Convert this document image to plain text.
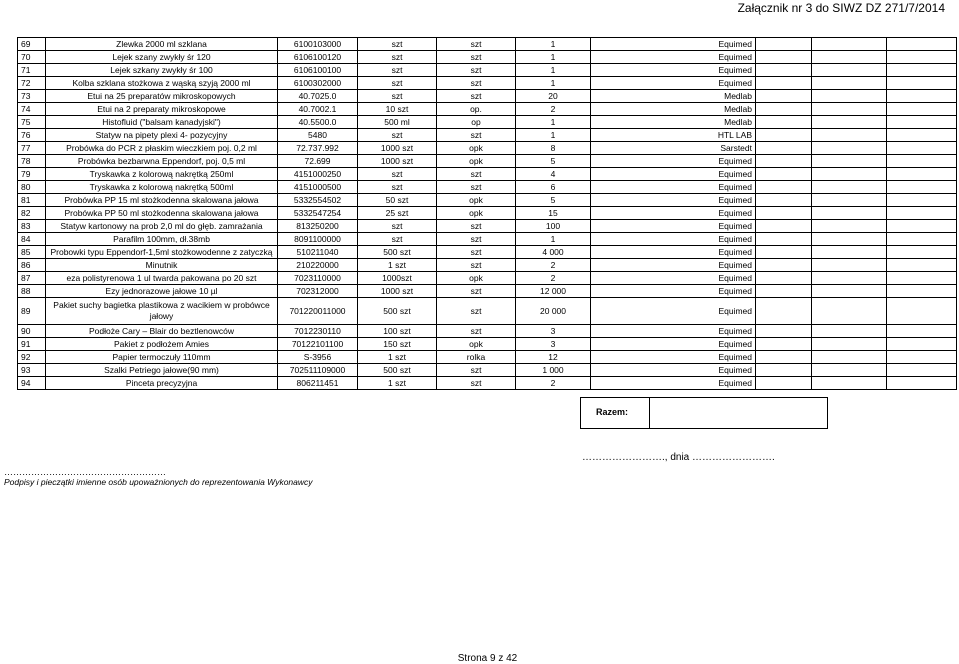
Załącznik nr 3 do SIWZ DZ 271/7/2014
69	Zlewka 2000 ml szklana	6100103000	szt	szt	1	Equimed			
70	Lejek szany zwykły śr 120	6106100120	szt	szt	1	Equimed			
71	Lejek szkany zwykły śr 100	6106100100	szt	szt	1	Equimed			
72	Kolba szklana stożkowa z wąską szyją 2000 ml	6100302000	szt	szt	1	Equimed			
73	Etui na 25 preparatów mikroskopowych	40.7025.0	szt	szt	20	Medlab			
74	Etui na 2 preparaty mikroskopowe	40.7002.1	10 szt	op.	2	Medlab			
75	Histofluid ("balsam kanadyjski")	40.5500.0	500 ml	op	1	Medlab			
76	Statyw na pipety plexi 4- pozycyjny	5480	szt	szt	1	HTL LAB			
77	Probówka do PCR z płaskim wieczkiem poj. 0,2 ml	72.737.992	1000 szt	opk	8	Sarstedt			
78	Probówka bezbarwna Eppendorf, poj. 0,5 ml	72.699	1000 szt	opk	5	Equimed			
79	Tryskawka z kolorową nakrętką 250ml	4151000250	szt	szt	4	Equimed			
80	Tryskawka z kolorową nakrętką 500ml	4151000500	szt	szt	6	Equimed			
81	Probówka PP 15 ml stożkodenna skalowana jałowa	5332554502	50 szt	opk	5	Equimed			
82	Probówka PP 50 ml stożkodenna skalowana jałowa	5332547254	25 szt	opk	15	Equimed			
83	Statyw kartonowy na prob 2,0 ml do głęb. zamrażania	813250200	szt	szt	100	Equimed			
84	Parafilm 100mm, dł.38mb	8091100000	szt	szt	1	Equimed			
85	Probowki typu Eppendorf-1,5ml stożkowodenne z zatyczką	510211040	500 szt	szt	4 000	Equimed			
86	Minutnik	210220000	1 szt	szt	2	Equimed			
87	eza polistyrenowa 1 ul twarda pakowana po 20 szt	7023110000	1000szt	opk	2	Equimed			
88	Ezy jednorazowe jałowe 10 µl	702312000	1000 szt	szt	12 000	Equimed			
89	Pakiet suchy bagietka plastikowa z wacikiem w probówce jałowy	701220011000	500 szt	szt	20 000	Equimed			
90	Podłoże Cary – Blair do beztlenowców	7012230110	100 szt	szt	3	Equimed			
91	Pakiet z podłożem Amies	70122101100	150 szt	opk	3	Equimed			
92	Papier termoczuły 110mm	S-3956	1 szt	rolka	12	Equimed			
93	Szalki Petriego jałowe(90 mm)	702511109000	500 szt	szt	1 000	Equimed			
94	Pinceta precyzyjna	806211451	1 szt	szt	2	Equimed			
Razem:
……………………., dnia …………………….
………………………………………………
Podpisy i pieczątki imienne osób upoważnionych do reprezentowania Wykonawcy
Strona 9 z 42
